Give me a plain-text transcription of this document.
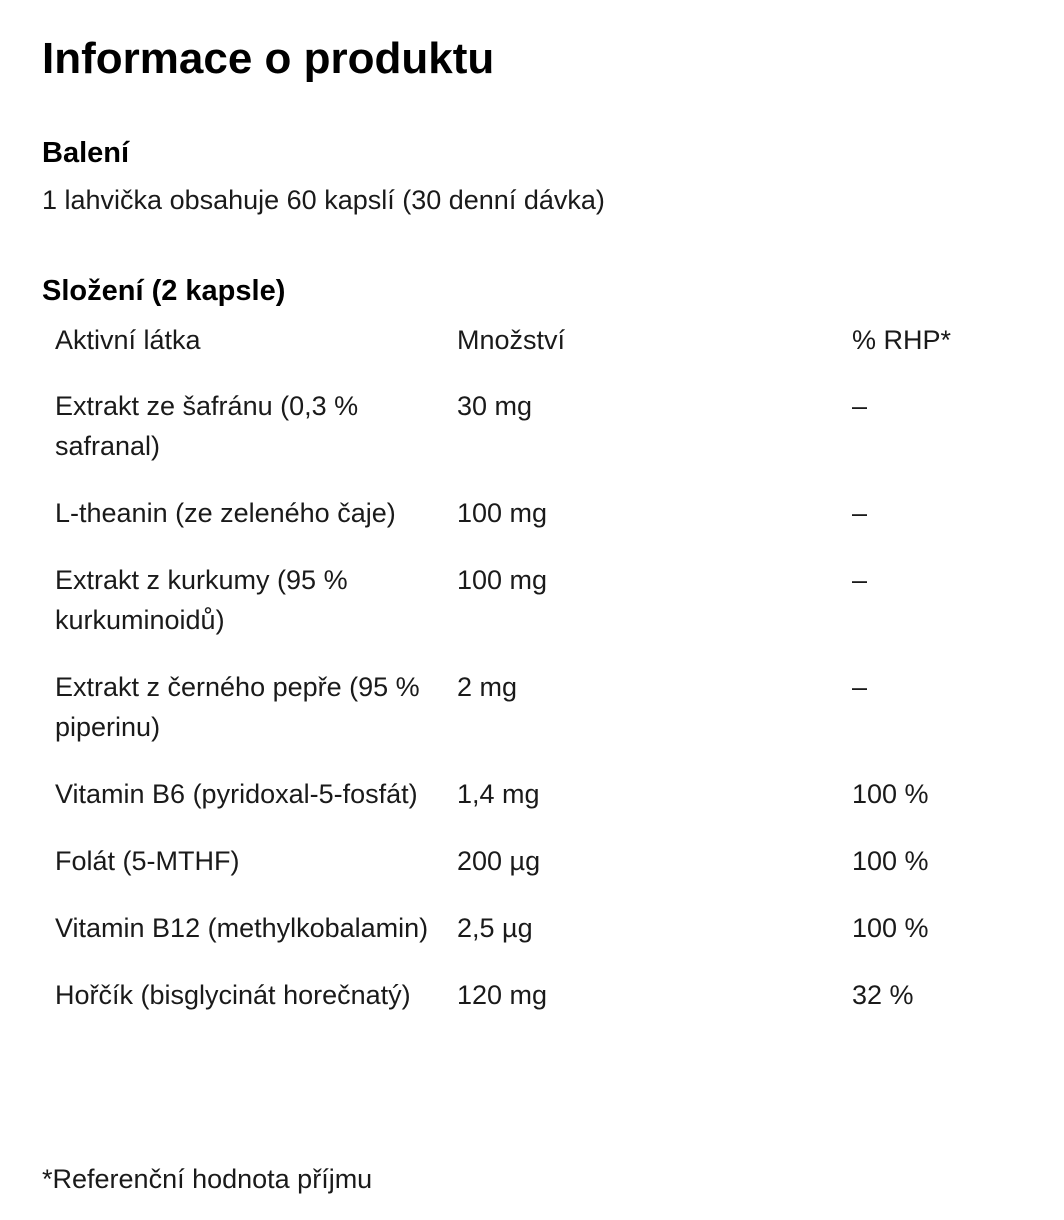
Informace o produktu
Balení

1 lahvička obsahuje 60 kapslí (30 denní dávka)

Složení (2 kapsle)
Aktivní látka	Množství	% RHP*
Extrakt ze šafránu (0,3 % safranal)	30 mg	–
L-theanin (ze zeleného čaje)	100 mg	–
Extrakt z kurkumy (95 % kurkuminoidů)	100 mg	–
Extrakt z černého pepře (95 % piperinu)	2 mg	–
Vitamin B6 (pyridoxal-5-fosfát)	1,4 mg	100 %
Folát (5-MTHF)	200 µg	100 %
Vitamin B12 (methylkobalamin)	2,5 µg	100 %
Hořčík (bisglycinát horečnatý)	120 mg	32 %

*Referenční hodnota příjmu
